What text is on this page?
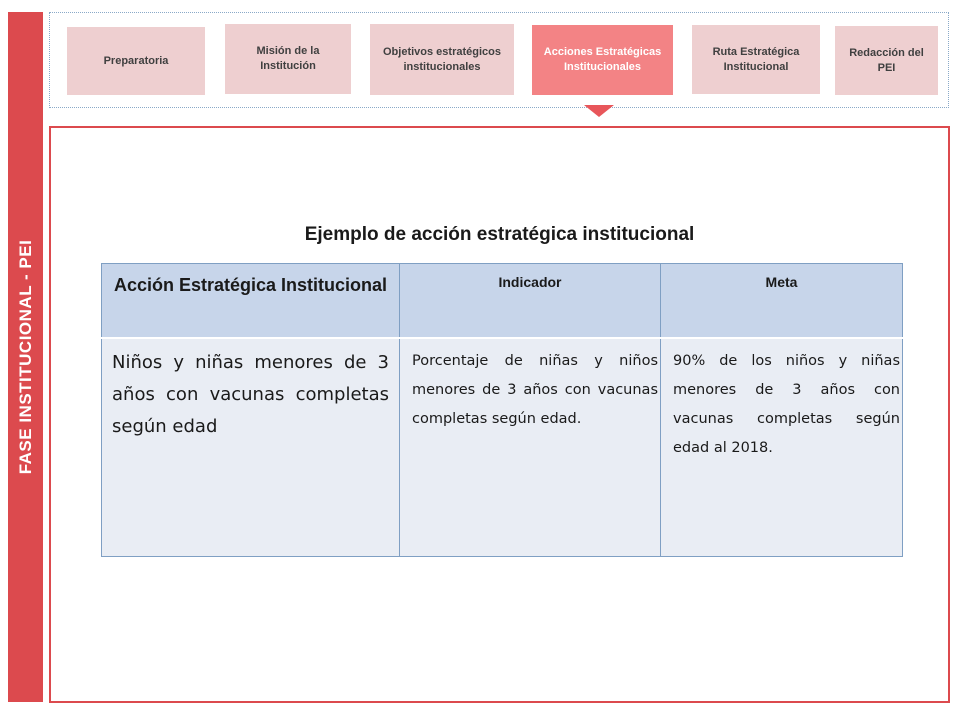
FASE INSTITUCIONAL - PEI
Preparatoria
Misión de la Institución
Objetivos estratégicos institucionales
Acciones Estratégicas Institucionales
Ruta Estratégica Institucional
Redacción del PEI
Ejemplo de acción estratégica institucional
Acción Estratégica Institucional	Indicador	Meta
Niños y niñas menores de 3 años con vacunas completas según edad	Porcentaje de niñas y niños menores de 3 años con vacunas completas según edad.	90% de los niños y niñas menores de 3 años con vacunas completas según edad al 2018.
